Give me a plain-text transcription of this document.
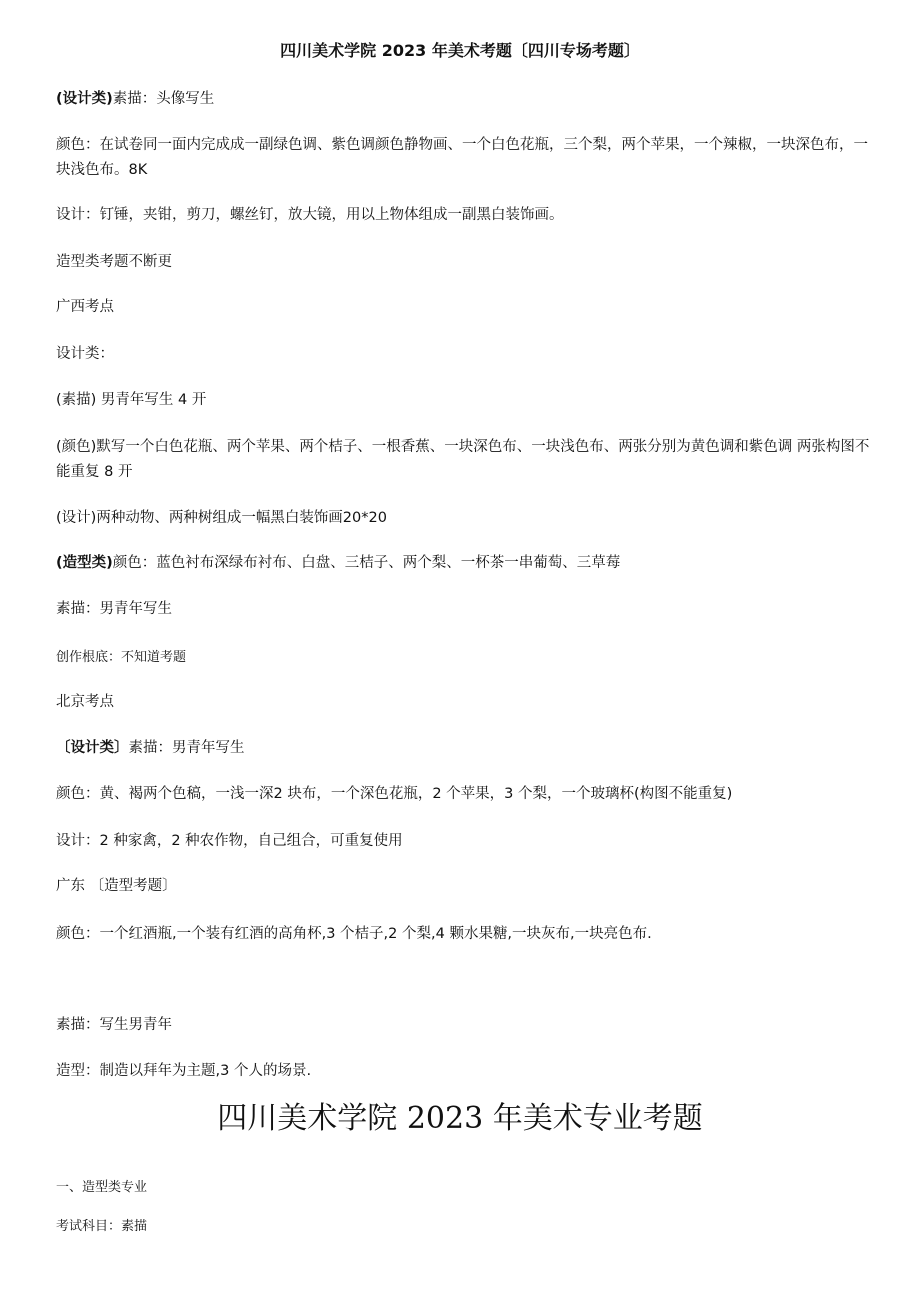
四川美术学院 2023 年美术考题〔四川专场考题〕
(设计类)素描：头像写生
颜色：在试卷同一面内完成成一副绿色调、紫色调颜色静物画、一个白色花瓶，三个梨，两个苹果，一个辣椒，一块深色布，一块浅色布。8K
设计：钉锤，夹钳，剪刀，螺丝钉，放大镜，用以上物体组成一副黑白装饰画。
造型类考题不断更
广西考点
设计类：
(素描) 男青年写生 4 开
(颜色)默写一个白色花瓶、两个苹果、两个桔子、一根香蕉、一块深色布、一块浅色布、两张分别为黄色调和紫色调 两张构图不能重复 8 开
(设计)两种动物、两种树组成一幅黑白装饰画20*20
(造型类)颜色：蓝色衬布深绿布衬布、白盘、三桔子、两个梨、一杯茶一串葡萄、三草莓
素描：男青年写生
创作根底：不知道考题
北京考点
〔设计类〕素描：男青年写生
颜色：黄、褐两个色稿，一浅一深2 块布，一个深色花瓶，2 个苹果，3 个梨，一个玻璃杯(构图不能重复)
设计：2 种家禽，2 种农作物，自己组合，可重复使用
广东 〔造型考题〕
颜色：一个红酒瓶,一个装有红酒的高角杯,3 个桔子,2 个梨,4 颗水果糖,一块灰布,一块亮色布.
素描：写生男青年
造型：制造以拜年为主题,3 个人的场景.
四川美术学院 2023 年美术专业考题
一、造型类专业
考试科目：素描
